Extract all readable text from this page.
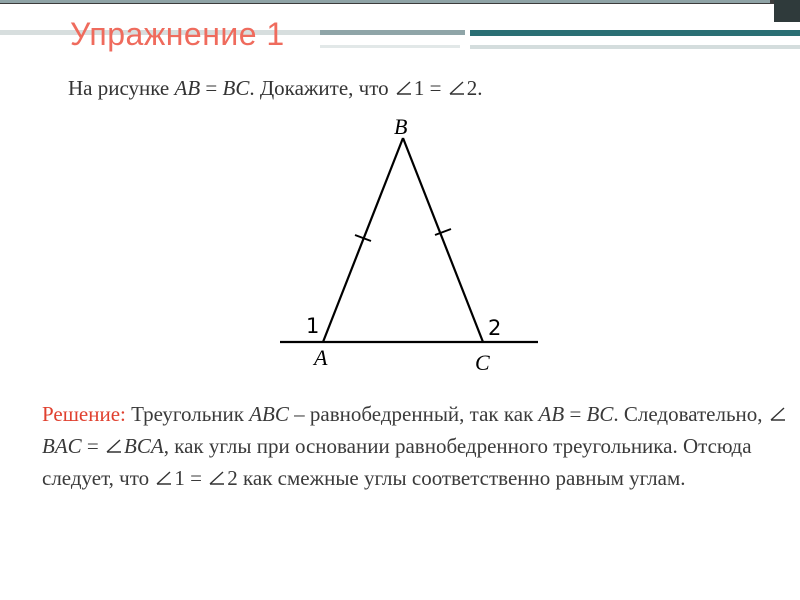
Упражнение 1
На рисунке AB = BC. Докажите, что
1 =
2.
B
A	C
1	2
Решение: Треугольник ABC – равнобедренный, так как AB = BC. Следовательно,
BAC =
BCA, как углы при основании равнобедренного треугольника. Отсюда следует, что
1 =
2 как смежные углы соответственно равным углам.
